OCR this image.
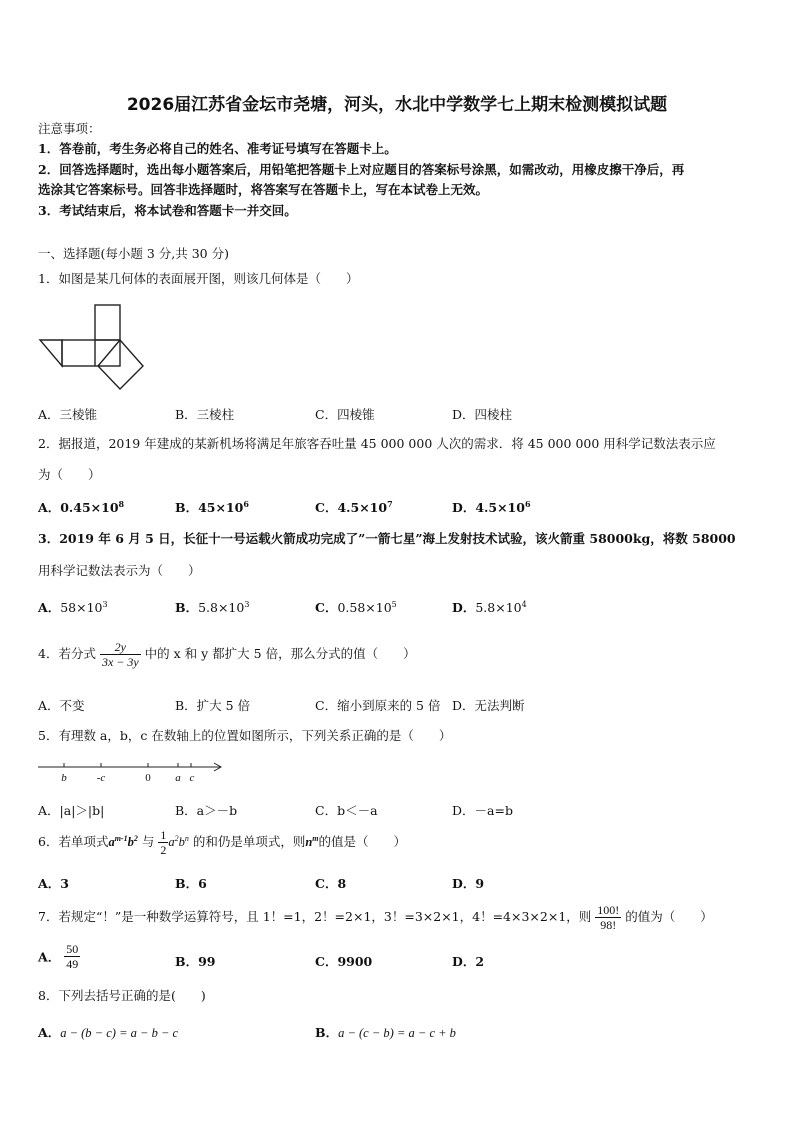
2026届江苏省金坛市尧塘，河头，水北中学数学七上期末检测模拟试题
注意事项：
1．答卷前，考生务必将自己的姓名、准考证号填写在答题卡上。
2．回答选择题时，选出每小题答案后，用铅笔把答题卡上对应题目的答案标号涂黑，如需改动，用橡皮擦干净后，再
选涂其它答案标号。回答非选择题时，将答案写在答题卡上，写在本试卷上无效。
3．考试结束后，将本试卷和答题卡一并交回。
一、选择题(每小题 3 分,共 30 分)
1．如图是某几何体的表面展开图，则该几何体是（　　）
A．三棱锥	B．三棱柱	C．四棱锥	D．四棱柱
2．据报道，2019 年建成的某新机场将满足年旅客吞吐量 45 000 000 人次的需求．将 45 000 000 用科学记数法表示应
为（　　）
A．$0.45\times 10^8$	B．$45\times 10^6$	C．$4.5\times 10^7$	D．$4.5\times 10^6$
3．2019 年 6 月 5 日，长征十一号运载火箭成功完成了”一箭七星”海上发射技术试验，该火箭重 58000kg，将数 58000
用科学记数法表示为（　　）
A．$58\times 10^3$	B．$5.8\times 10^3$	C．$0.58\times 10^5$	D．$5.8\times 10^4$
4．若分式 $\frac{2y}{3x - 3y}$ 中的 x 和 y 都扩大 5 倍，那么分式的值（　　）
A．不变	B．扩大 5 倍	C．缩小到原来的 5 倍 D．无法判断
5．有理数 a，b，c 在数轴上的位置如图所示，下列关系正确的是（　　）
b	-c	0 a c
A．|a|＞|b|	B．a＞－b	C．b＜－a	D．－a=b
6．若单项式$a^{m-1}b^2$ 与 $\frac{1}{2} a^2b^n$ 的和仍是单项式，则$n^m$的值是（　　）
A．3	B．6	C．8	D．9
7．若规定“！”是一种数学运算符号，且 1！=1，2！=2×1，3！=3×2×1，4！=4×3×2×1，则 $\frac{100!}{98!}$ 的值为（　　）
A． $\frac{50}{49}$	B．99	C．9900	D．2
8．下列去括号正确的是(　　)
A．a − (b − c) = a − b − c	B．a − (c − b) = a − c + b
